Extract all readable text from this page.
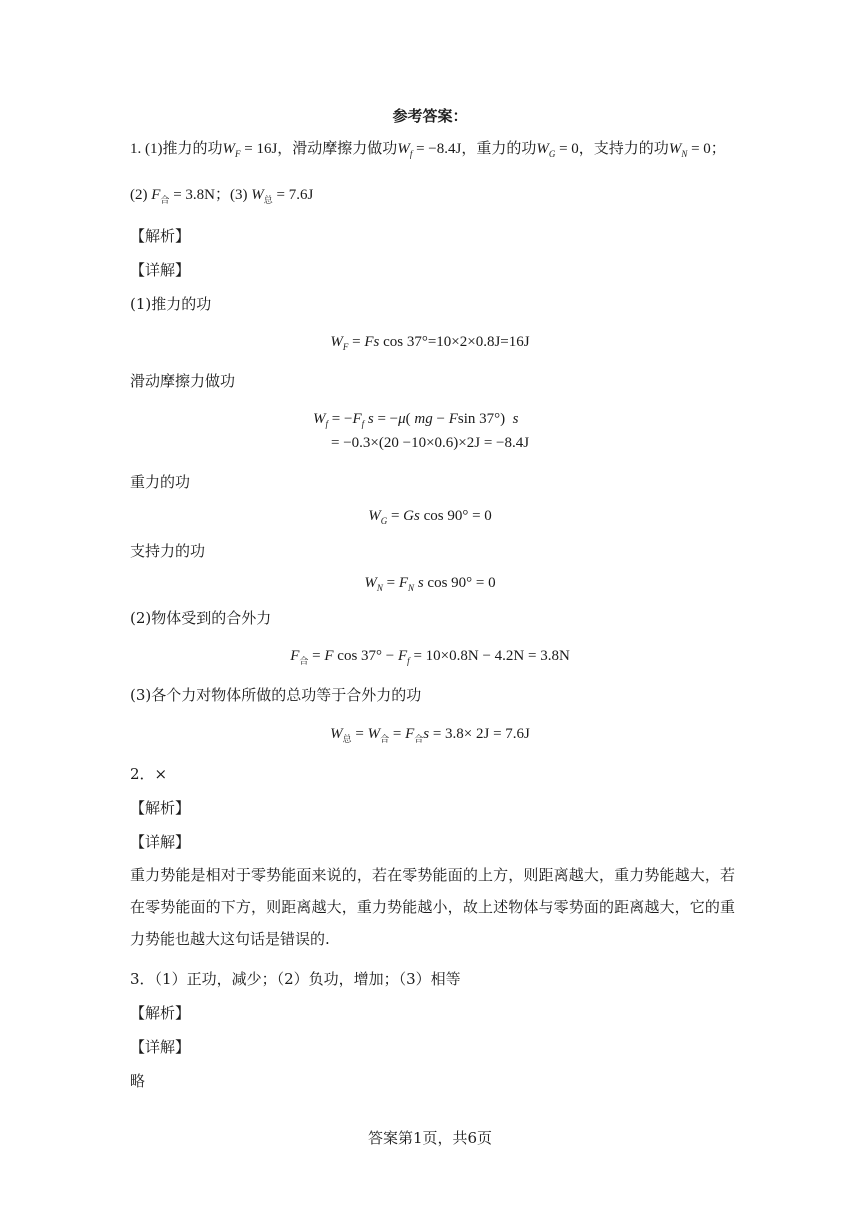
参考答案：
1. (1)推力的功$W_F = 16J$，滑动摩擦力做功$W_f = -8.4J$，重力的功$W_G = 0$，支持力的功$W_N = 0$；
(2) $F_合 = 3.8N$；(3) $W_总 = 7.6J$
【解析】
【详解】
(1)推力的功
$W_F = Fs$ cos 37°=10×2×0.8J=16J
滑动摩擦力做功
$W_f = -F_f$ s = −μ( mg − Fsin 37°)  s
= −0.3×(20 −10×0.6)×2J = −8.4J
重力的功
$W_G = Gs$ cos 90° = 0
支持力的功
$W_N = F_N$ s cos 90° = 0
(2)物体受到的合外力
$F_合 = F$ $\cos 37^\circ - F_f = 10\times 0.8N - 4.2N = 3.8N$
(3)各个力对物体所做的总功等于合外力的功
$W_总 = W_合 = F_合s = 3.8\times 2J = 7.6J$
2．×
【解析】
【详解】
重力势能是相对于零势能面来说的，若在零势能面的上方，则距离越大，重力势能越大，若在零势能面的下方，则距离越大，重力势能越小，故上述物体与零势面的距离越大，它的重力势能也越大这句话是错误的.
3．（1）正功，减少；（2）负功，增加；（3）相等
【解析】
【详解】
略
答案第1页，共6页
